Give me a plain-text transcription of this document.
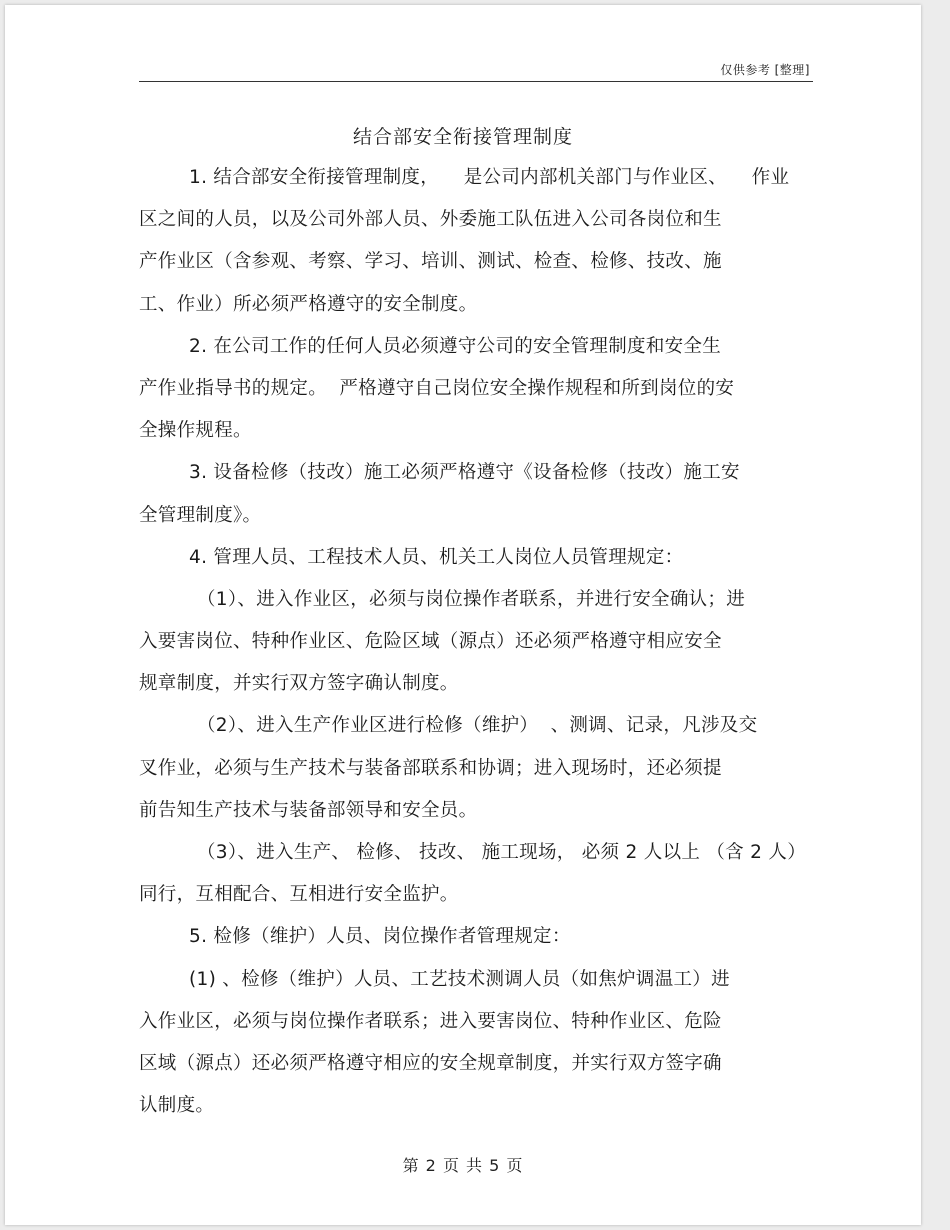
仅供参考 [整理]
结合部安全衔接管理制度
1. 结合部安全衔接管理制度，    是公司内部机关部门与作业区、    作业
区之间的人员，以及公司外部人员、外委施工队伍进入公司各岗位和生
产作业区（含参观、考察、学习、培训、测试、检查、检修、技改、施
工、作业）所必须严格遵守的安全制度。
2. 在公司工作的任何人员必须遵守公司的安全管理制度和安全生
产作业指导书的规定。  严格遵守自己岗位安全操作规程和所到岗位的安
全操作规程。
3. 设备检修（技改）施工必须严格遵守《设备检修（技改）施工安
全管理制度》。
4. 管理人员、工程技术人员、机关工人岗位人员管理规定：
（1）、进入作业区，必须与岗位操作者联系，并进行安全确认；进
入要害岗位、特种作业区、危险区域（源点）还必须严格遵守相应安全
规章制度，并实行双方签字确认制度。
（2）、进入生产作业区进行检修（维护）  、测调、记录，凡涉及交
叉作业，必须与生产技术与装备部联系和协调；进入现场时，还必须提
前告知生产技术与装备部领导和安全员。
（3）、进入生产、 检修、 技改、 施工现场， 必须 2 人以上 （含 2 人）
同行，互相配合、互相进行安全监护。
5. 检修（维护）人员、岗位操作者管理规定：
(1) 、检修（维护）人员、工艺技术测调人员（如焦炉调温工）进
入作业区，必须与岗位操作者联系；进入要害岗位、特种作业区、危险
区域（源点）还必须严格遵守相应的安全规章制度，并实行双方签字确
认制度。
第 2 页 共 5 页
